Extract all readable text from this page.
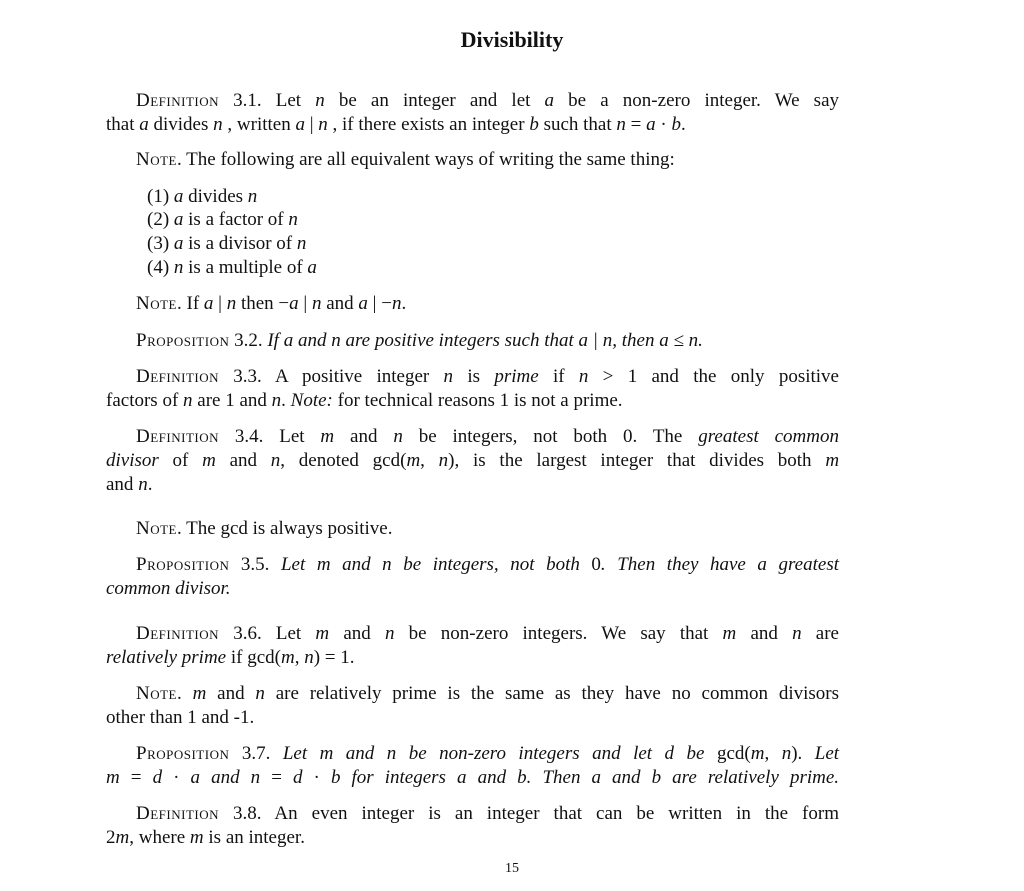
Divisibility
Definition 3.1. Let n be an integer and let a be a non-zero integer. We say
that a divides n , written a | n , if there exists an integer b such that n = a · b.
Note. The following are all equivalent ways of writing the same thing:
(1) a divides n
(2) a is a factor of n
(3) a is a divisor of n
(4) n is a multiple of a
Note. If a | n then −a | n and a | −n.
Proposition 3.2. If a and n are positive integers such that a | n, then a ≤ n.
Definition 3.3. A positive integer n is prime if n > 1 and the only positive
factors of n are 1 and n. Note: for technical reasons 1 is not a prime.
Definition 3.4. Let m and n be integers, not both 0. The greatest common
divisor of m and n, denoted gcd(m, n), is the largest integer that divides both m
and n.
Note. The gcd is always positive.
Proposition 3.5. Let m and n be integers, not both 0. Then they have a greatest
common divisor.
Definition 3.6. Let m and n be non-zero integers. We say that m and n are
relatively prime if gcd(m, n) = 1.
Note. m and n are relatively prime is the same as they have no common divisors
other than 1 and -1.
Proposition 3.7. Let m and n be non-zero integers and let d be gcd(m, n). Let
m = d · a and n = d · b for integers a and b. Then a and b are relatively prime.
Definition 3.8. An even integer is an integer that can be written in the form
2m, where m is an integer.
15
